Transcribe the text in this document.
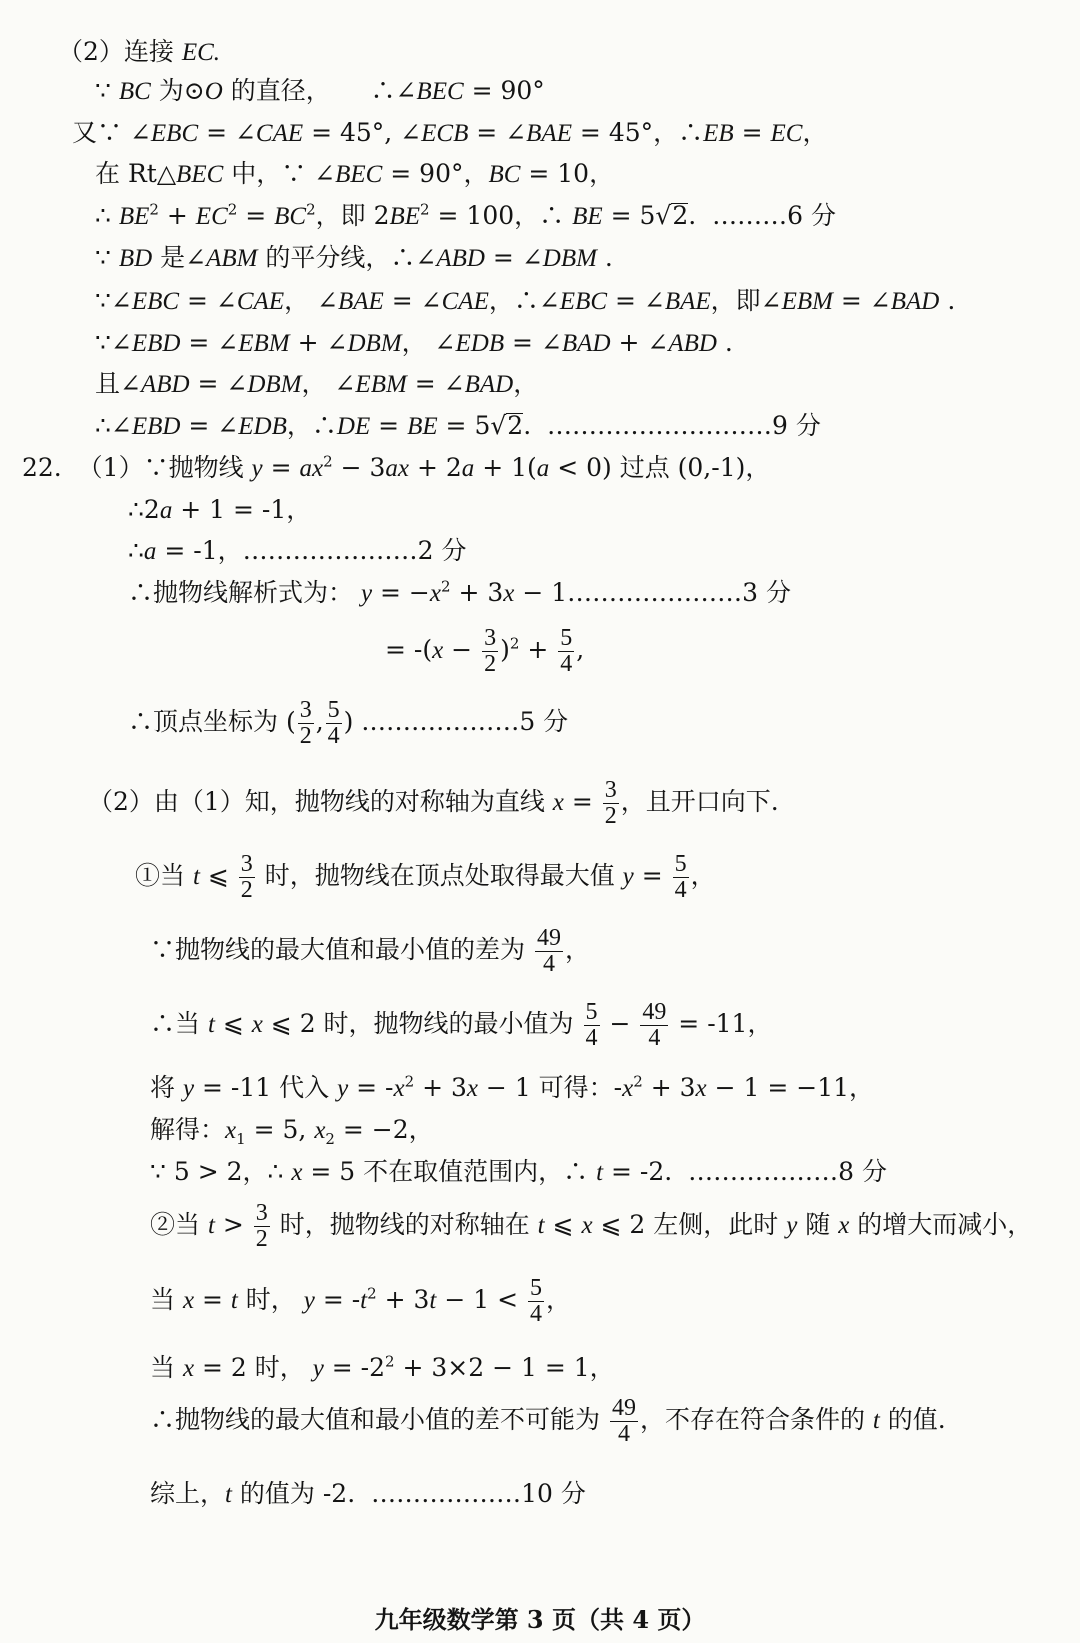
（2）连接 EC.
∵ BC 为⊙O 的直径，     ∴∠BEC = 90°
又∵ ∠EBC = ∠CAE = 45°, ∠ECB = ∠BAE = 45°，∴EB = EC，
在 Rt△BEC 中，∵ ∠BEC = 90°，BC = 10，
∴ $BE^2 + EC^2 = BC^2$，即 $2BE^2 = 100$，∴ BE = 5√2.  ………6 分
∵ BD 是∠ABM 的平分线，∴∠ABD = ∠DBM .
∵∠EBC = ∠CAE， ∠BAE = ∠CAE，∴∠EBC = ∠BAE，即∠EBM = ∠BAD .
∵∠EBD = ∠EBM + ∠DBM， ∠EDB = ∠BAD + ∠ABD .
且∠ABD = ∠DBM， ∠EBM = ∠BAD，
∴∠EBD = ∠EDB，∴DE = BE = 5√2.  ………………………9 分
22. （1）∵抛物线 $y = ax^2 - 3ax + 2a + 1(a < 0)$ 过点 (0,-1)，
∴2a + 1 = -1，
∴a = -1，…………………2 分
∴抛物线解析式为： $y = -x^2 + 3x$ − 1…………………3 分
= $-(x - \frac{3}{2} )^2 + \frac{5}{4}$ ,
∴顶点坐标为 ( $\frac{3}{2}$ , $\frac{5}{4}$ ) .………………5 分
（2）由（1）知，抛物线的对称轴为直线 $x = \frac{3}{2}$ ，且开口向下.
①当 t ⩽ $\frac{3}{2}$ 时，抛物线在顶点处取得最大值 $y = \frac{5}{4}$ ，
∵抛物线的最大值和最小值的差为 $\frac{49}{4}$ ，
∴当 t ⩽ x ⩽ 2 时，抛物线的最小值为 $\frac{5}{4} - \frac{49}{4} = -11$，
将 y = -11 代入 $y = -x^2 + 3x - 1$ 可得：$-x^2 + 3x - 1 = -11$，
解得：$x_1 = 5$, $x_2 = -2$，
∵ 5 > 2，∴ x = 5 不在取值范围内，∴ t = -2.  ………………8 分
②当 $t > \frac{3}{2}$ 时，抛物线的对称轴在 t ⩽ x ⩽ 2 左侧，此时 y 随 x 的增大而减小，
当 x = t 时， $y = -t^2 + 3t - 1 < \frac{5}{4}$ ，
当 x = 2 时， $y = -2^2 + 3\times 2 - 1 = 1$，
∴抛物线的最大值和最小值的差不可能为 $\frac{49}{4}$ ，不存在符合条件的 t 的值.
综上，t 的值为 -2.  ………………10 分
九年级数学第 3 页（共 4 页）
